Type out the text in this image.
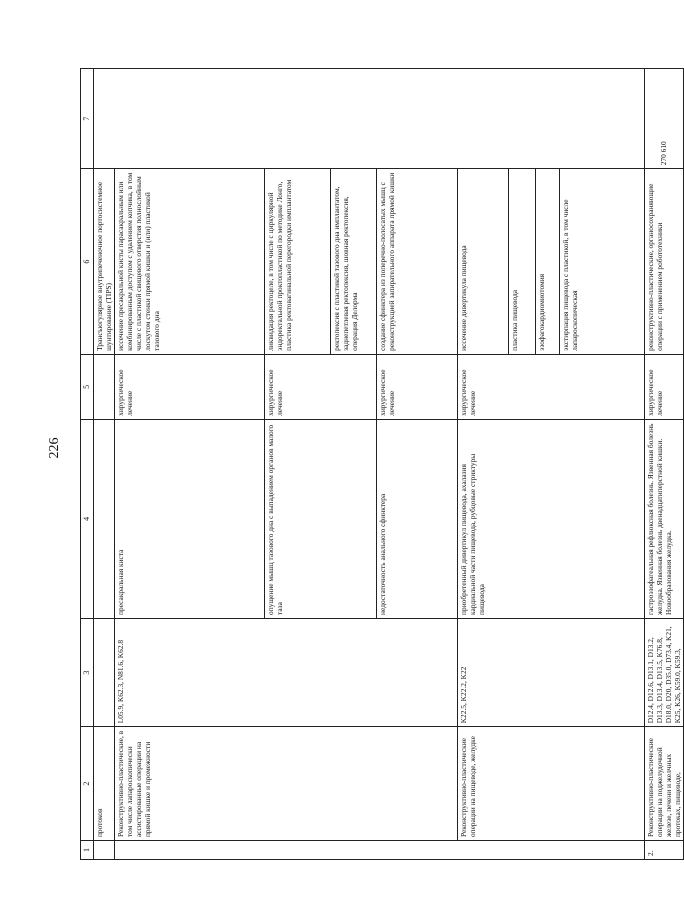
226
1	2	3	4	5	6	7
	протоков				Трансъюгулярное внутрипеченочное портосистемное шунтирование (TIPS)	
	Реконструктивно-пластические, в том числе лапароскопически ассистированные операции на прямой кишке и промежности	L05.9, K62.3, N81.6, K62.8	пресакральная киста	хирургическое лечение	иссечение пресакральной кисты парасакральным или комбинированным доступом с удалением копчика, в том числе с пластикой свищевого отверстия полнослойным лоскутом стенки прямой кишки и (или) пластикой тазового дна	
			опущение мышц тазового дна с выпадением органов малого таза	хирургическое лечение	ликвидация ректоцеле, в том числе с циркулярной эндоректальной проктопластикой по методике Лонго, пластика ректовагинальной перегородки имплантатом	
					ректопексия с пластикой тазового дна имплантатом, заднепетлевая ректопексия, шовная ректопексия, операция Делорма	
			недостаточность анального сфинктера	хирургическое лечение	создание сфинктера из поперечно-полосатых мышц с реконструкцией запирательного аппарата прямой кишки	
	Реконструктивно-пластические операции на пищеводе, желудке	K22.5, K22.2, K22	приобретенный дивертикул пищевода, ахалазия кардиальной части пищевода, рубцовые стриктуры пищевода	хирургическое лечение	иссечение дивертикула пищевода	
					пластика пищевода	
					эзофагокардиомиотомия	
					экстирпация пищевода с пластикой, в том числе лапароскопическая	
2.	Реконструктивно-пластические операции на поджелудочной железе, печени и желчных протоках, пищеводе,	D12.4, D12.6, D13.1, D13.2, D13.3, D13.4, D13.5, K76.8, D18.0, D20, D35.0, D73.4, K21, K25, K26, K59.0, K59.3,	гастроэзофагеальная рефлюксная болезнь. Язвенная болезнь желудка. Язвенная болезнь двенадцатиперстной кишки. Новообразования желудка.	хирургическое лечение	реконструктивно-пластические, органосохраняющие операции с применением робототехники	270 610
